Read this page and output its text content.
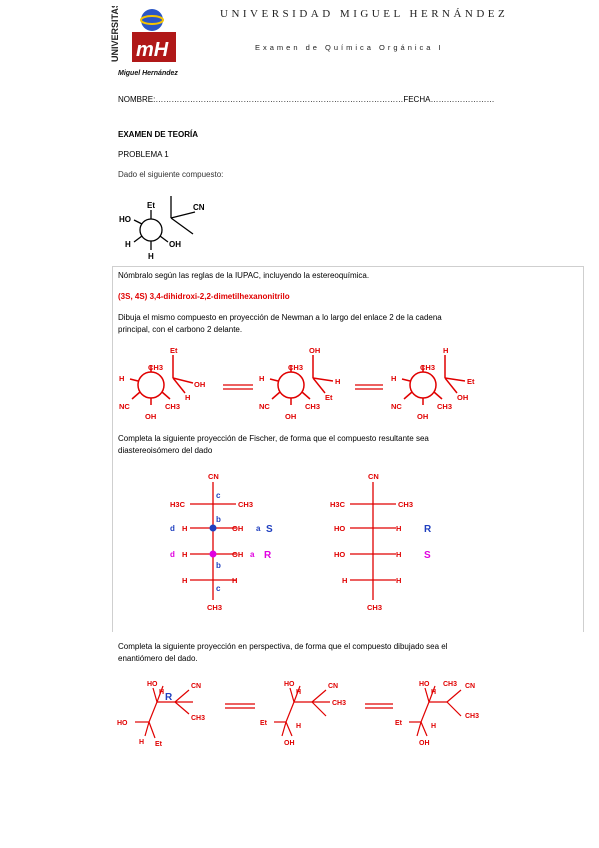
UNIVERSITAS mH
Miguel Hernández
UNIVERSIDAD MIGUEL HERNÁNDEZ
Examen de Química Orgánica I
NOMBRE:…………………………………………………………………………………FECHA……………………
EXAMEN DE TEORÍA
PROBLEMA 1
Dado el siguiente compuesto:
Et	CN
HO
H	OH
H
Nómbralo según las reglas de la IUPAC, incluyendo la estereoquímica.
(3S, 4S) 3,4-dihidroxi-2,2-dimetilhexanonitrilo
Dibuja el mismo compuesto en proyección de Newman a lo largo del enlace 2 de la cadena
principal, con el carbono 2 delante.
CH3
Et
H
OH
H
NC	CH3
OH
CH3
OH
H	H
Et
NC	CH3
OH
CH3
H
H	Et
OH
NC	CH3
OH
Completa la siguiente proyección de Fischer, de forma que el compuesto resultante sea
diastereoisómero del dado
CN
H3C	CH3
H	OH
H	OH
H	H
CH3
c
b
a
d	S
d	a
b
R
c
CN
H3C	CH3
HO	H
HO	H
H	H
CH3
R
S
Completa la siguiente proyección en perspectiva, de forma que el compuesto dibujado sea el
enantiómero del dado.
HO
H R
CN
CH3
HO
Et
H
HO
H
CN
CH3
Et	H
OH
HO
H
CN
CH3
CH3
Et	H
OH
